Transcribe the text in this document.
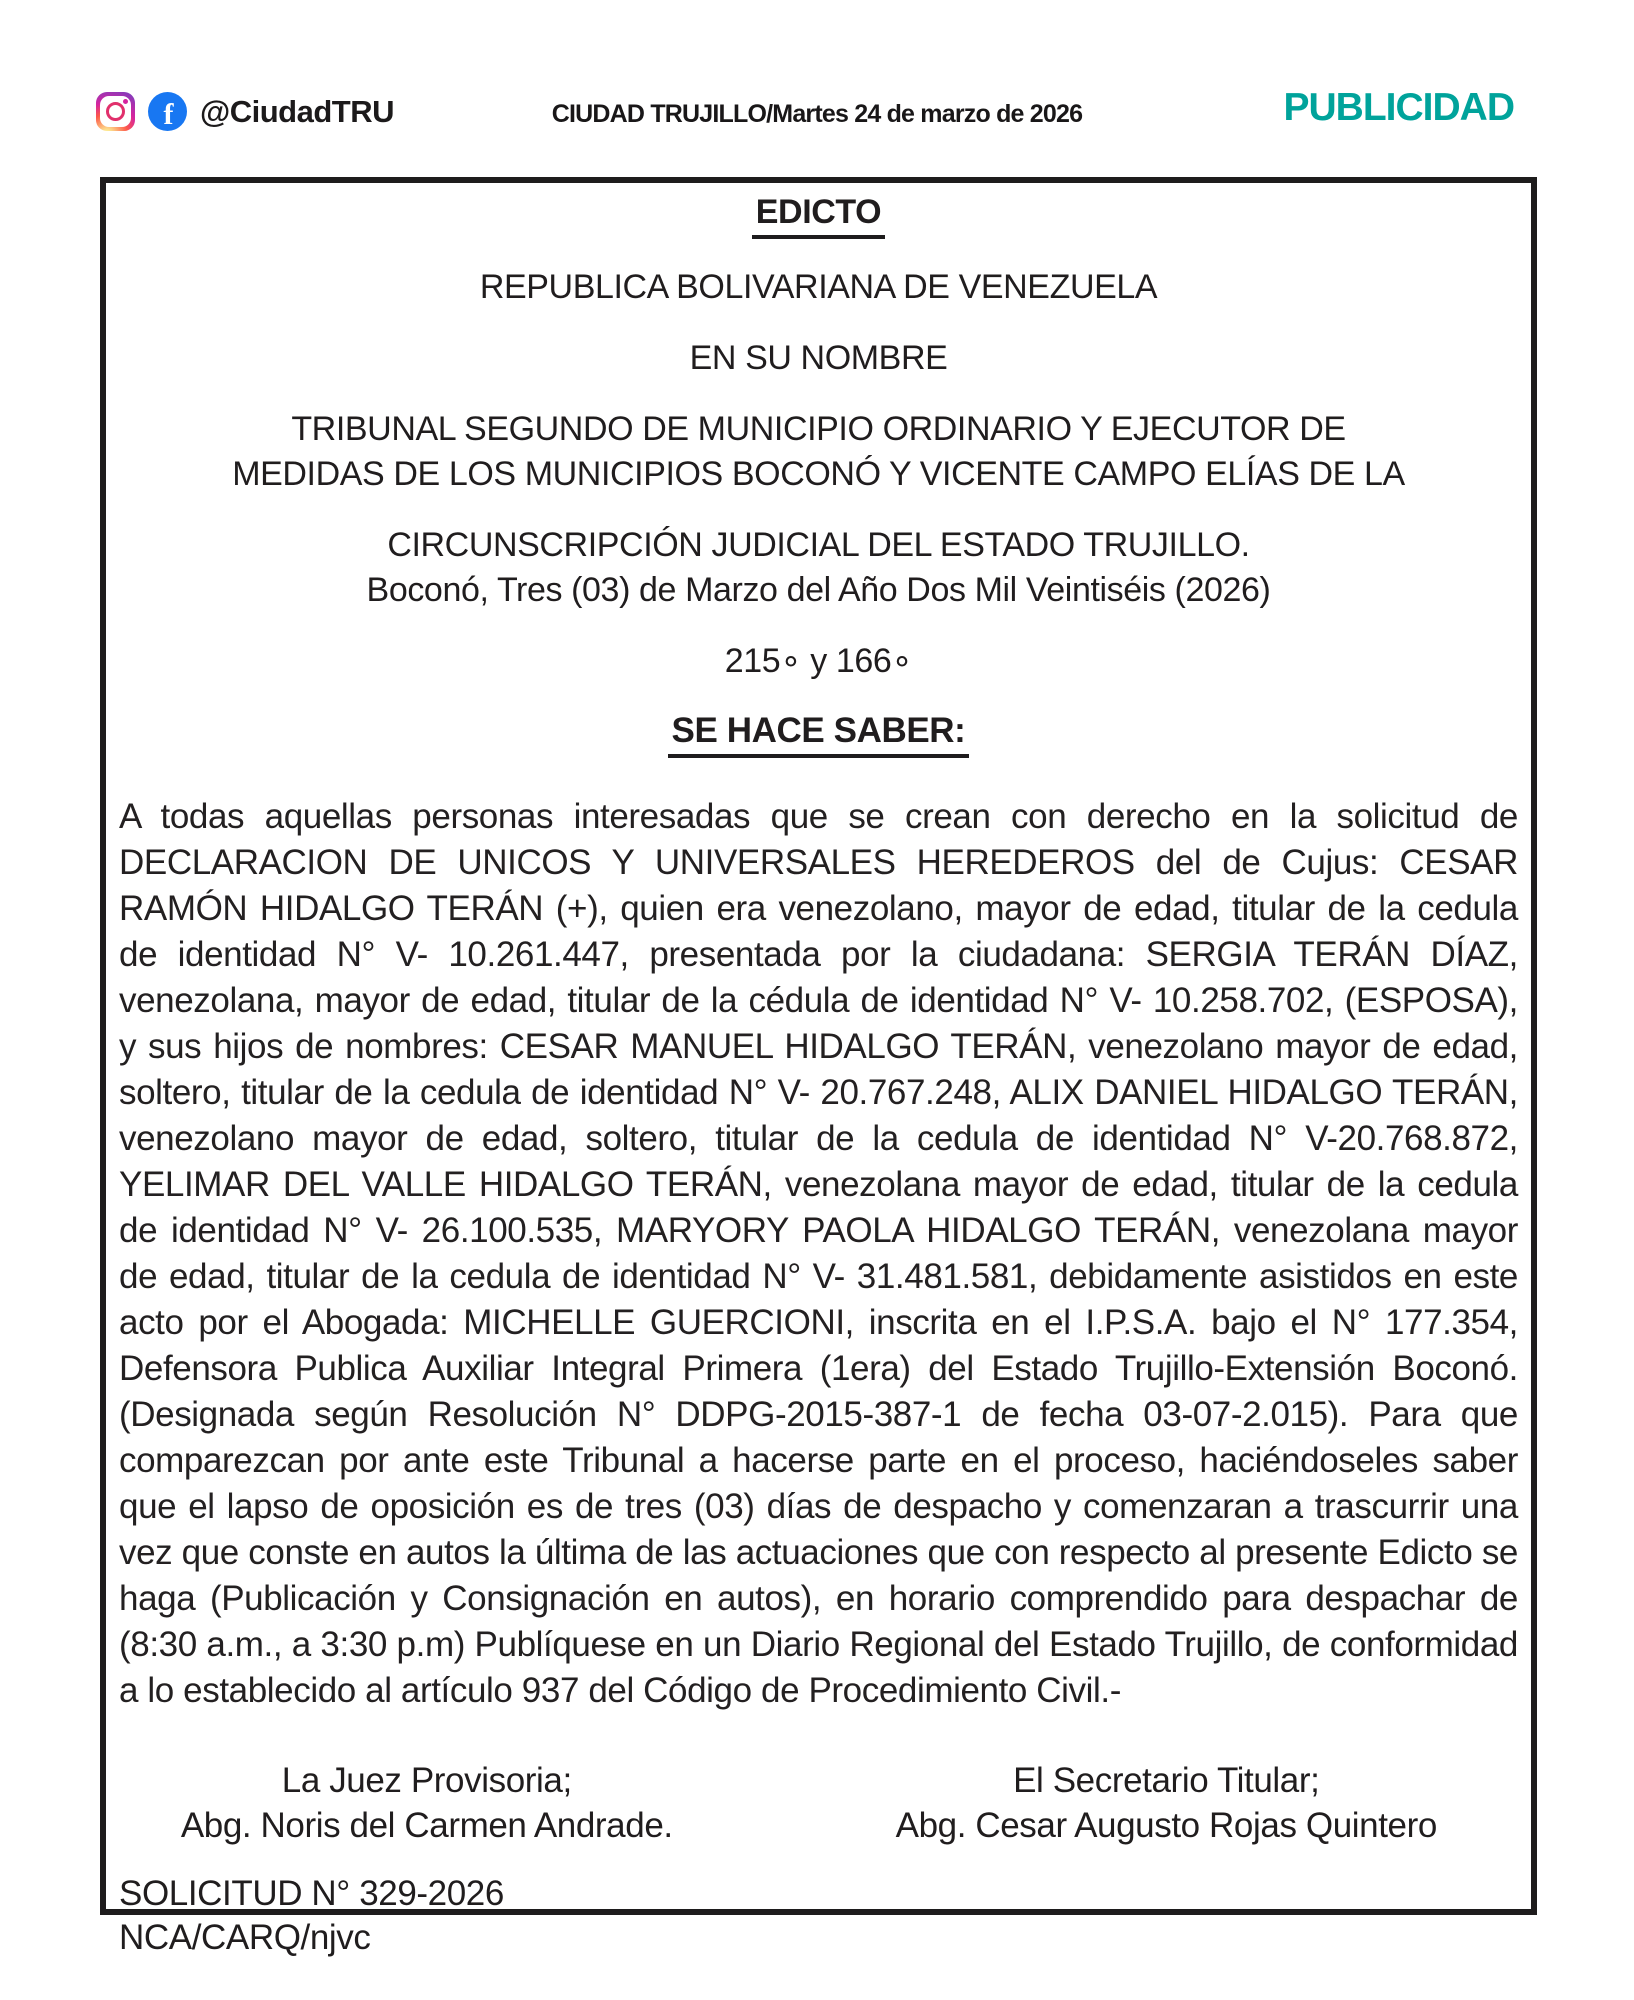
f @CiudadTRU	CIUDAD TRUJILLO/Martes 24 de marzo de 2026	PUBLICIDAD
EDICTO
REPUBLICA BOLIVARIANA DE VENEZUELA
EN SU NOMBRE
TRIBUNAL SEGUNDO DE MUNICIPIO ORDINARIO Y EJECUTOR DE
MEDIDAS DE LOS MUNICIPIOS BOCONÓ Y VICENTE CAMPO ELÍAS DE LA
CIRCUNSCRIPCIÓN JUDICIAL DEL ESTADO TRUJILLO.
Boconó, Tres (03) de Marzo del Año Dos Mil Veintiséis (2026)
215∘ y 166∘
SE HACE SABER:
A todas aquellas personas interesadas que se crean con derecho en la solicitud de DECLARACION DE UNICOS Y UNIVERSALES HEREDEROS del de Cujus: CESAR RAMÓN HIDALGO TERÁN (+), quien era venezolano, mayor de edad, titular de la cedula de identidad N° V- 10.261.447, presentada por la ciudadana: SERGIA TERÁN DÍAZ, venezolana, mayor de edad, titular de la cédula de identidad N° V- 10.258.702, (ESPOSA), y sus hijos de nombres: CESAR MANUEL HIDALGO TERÁN, venezolano mayor de edad, soltero, titular de la cedula de identidad N° V- 20.767.248, ALIX DANIEL HIDALGO TERÁN, venezolano mayor de edad, soltero, titular de la cedula de identidad N° V-20.768.872, YELIMAR DEL VALLE HIDALGO TERÁN, venezolana mayor de edad, titular de la cedula de identidad N° V- 26.100.535, MARYORY PAOLA HIDALGO TERÁN, venezolana mayor de edad, titular de la cedula de identidad N° V- 31.481.581, debidamente asistidos en este acto por el Abogada: MICHELLE GUERCIONI, inscrita en el I.P.S.A. bajo el N° 177.354, Defensora Publica Auxiliar Integral Primera (1era) del Estado Trujillo-Extensión Boconó. (Designada según Resolución N° DDPG-2015-387-1 de fecha 03-07-2.015). Para que comparezcan por ante este Tribunal a hacerse parte en el proceso, haciéndoseles saber que el lapso de oposición es de tres (03) días de despacho y comenzaran a trascurrir una vez que conste en autos la última de las actuaciones que con respecto al presente Edicto se haga (Publicación y Consignación en autos), en horario comprendido para despachar de (8:30 a.m., a 3:30 p.m) Publíquese en un Diario Regional del Estado Trujillo, de conformidad a lo establecido al artículo 937 del Código de Procedimiento Civil.-
La Juez Provisoria;
Abg. Noris del Carmen Andrade.
El Secretario Titular;
Abg. Cesar Augusto Rojas Quintero
SOLICITUD N° 329-2026
NCA/CARQ/njvc
